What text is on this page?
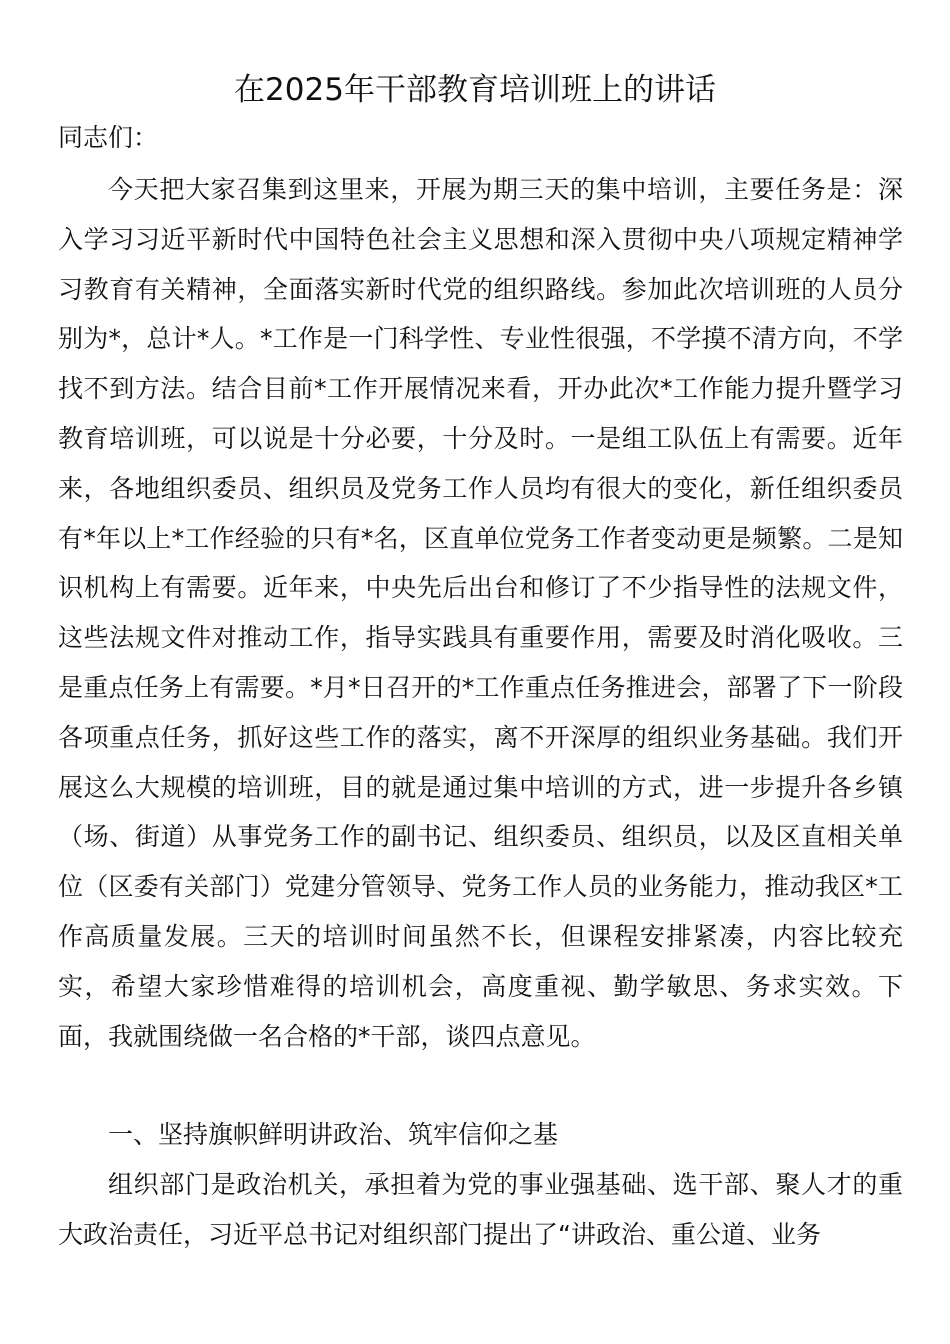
在2025年干部教育培训班上的讲话
同志们：

今天把大家召集到这里来，开展为期三天的集中培训，主要任务是：深入学习习近平新时代中国特色社会主义思想和深入贯彻中央八项规定精神学习教育有关精神，全面落实新时代党的组织路线。参加此次培训班的人员分别为*，总计*人。*工作是一门科学性、专业性很强，不学摸不清方向，不学找不到方法。结合目前*工作开展情况来看，开办此次*工作能力提升暨学习教育培训班，可以说是十分必要，十分及时。一是组工队伍上有需要。近年来，各地组织委员、组织员及党务工作人员均有很大的变化，新任组织委员有*年以上*工作经验的只有*名，区直单位党务工作者变动更是频繁。二是知识机构上有需要。近年来，中央先后出台和修订了不少指导性的法规文件，这些法规文件对推动工作，指导实践具有重要作用，需要及时消化吸收。三是重点任务上有需要。*月*日召开的*工作重点任务推进会，部署了下一阶段各项重点任务，抓好这些工作的落实，离不开深厚的组织业务基础。我们开展这么大规模的培训班，目的就是通过集中培训的方式，进一步提升各乡镇（场、街道）从事党务工作的副书记、组织委员、组织员，以及区直相关单位（区委有关部门）党建分管领导、党务工作人员的业务能力，推动我区*工作高质量发展。三天的培训时间虽然不长，但课程安排紧凑，内容比较充实，希望大家珍惜难得的培训机会，高度重视、勤学敏思、务求实效。下面，我就围绕做一名合格的*干部，谈四点意见。

一、坚持旗帜鲜明讲政治、筑牢信仰之基

组织部门是政治机关，承担着为党的事业强基础、选干部、聚人才的重大政治责任，习近平总书记对组织部门提出了“讲政治、重公道、业务
